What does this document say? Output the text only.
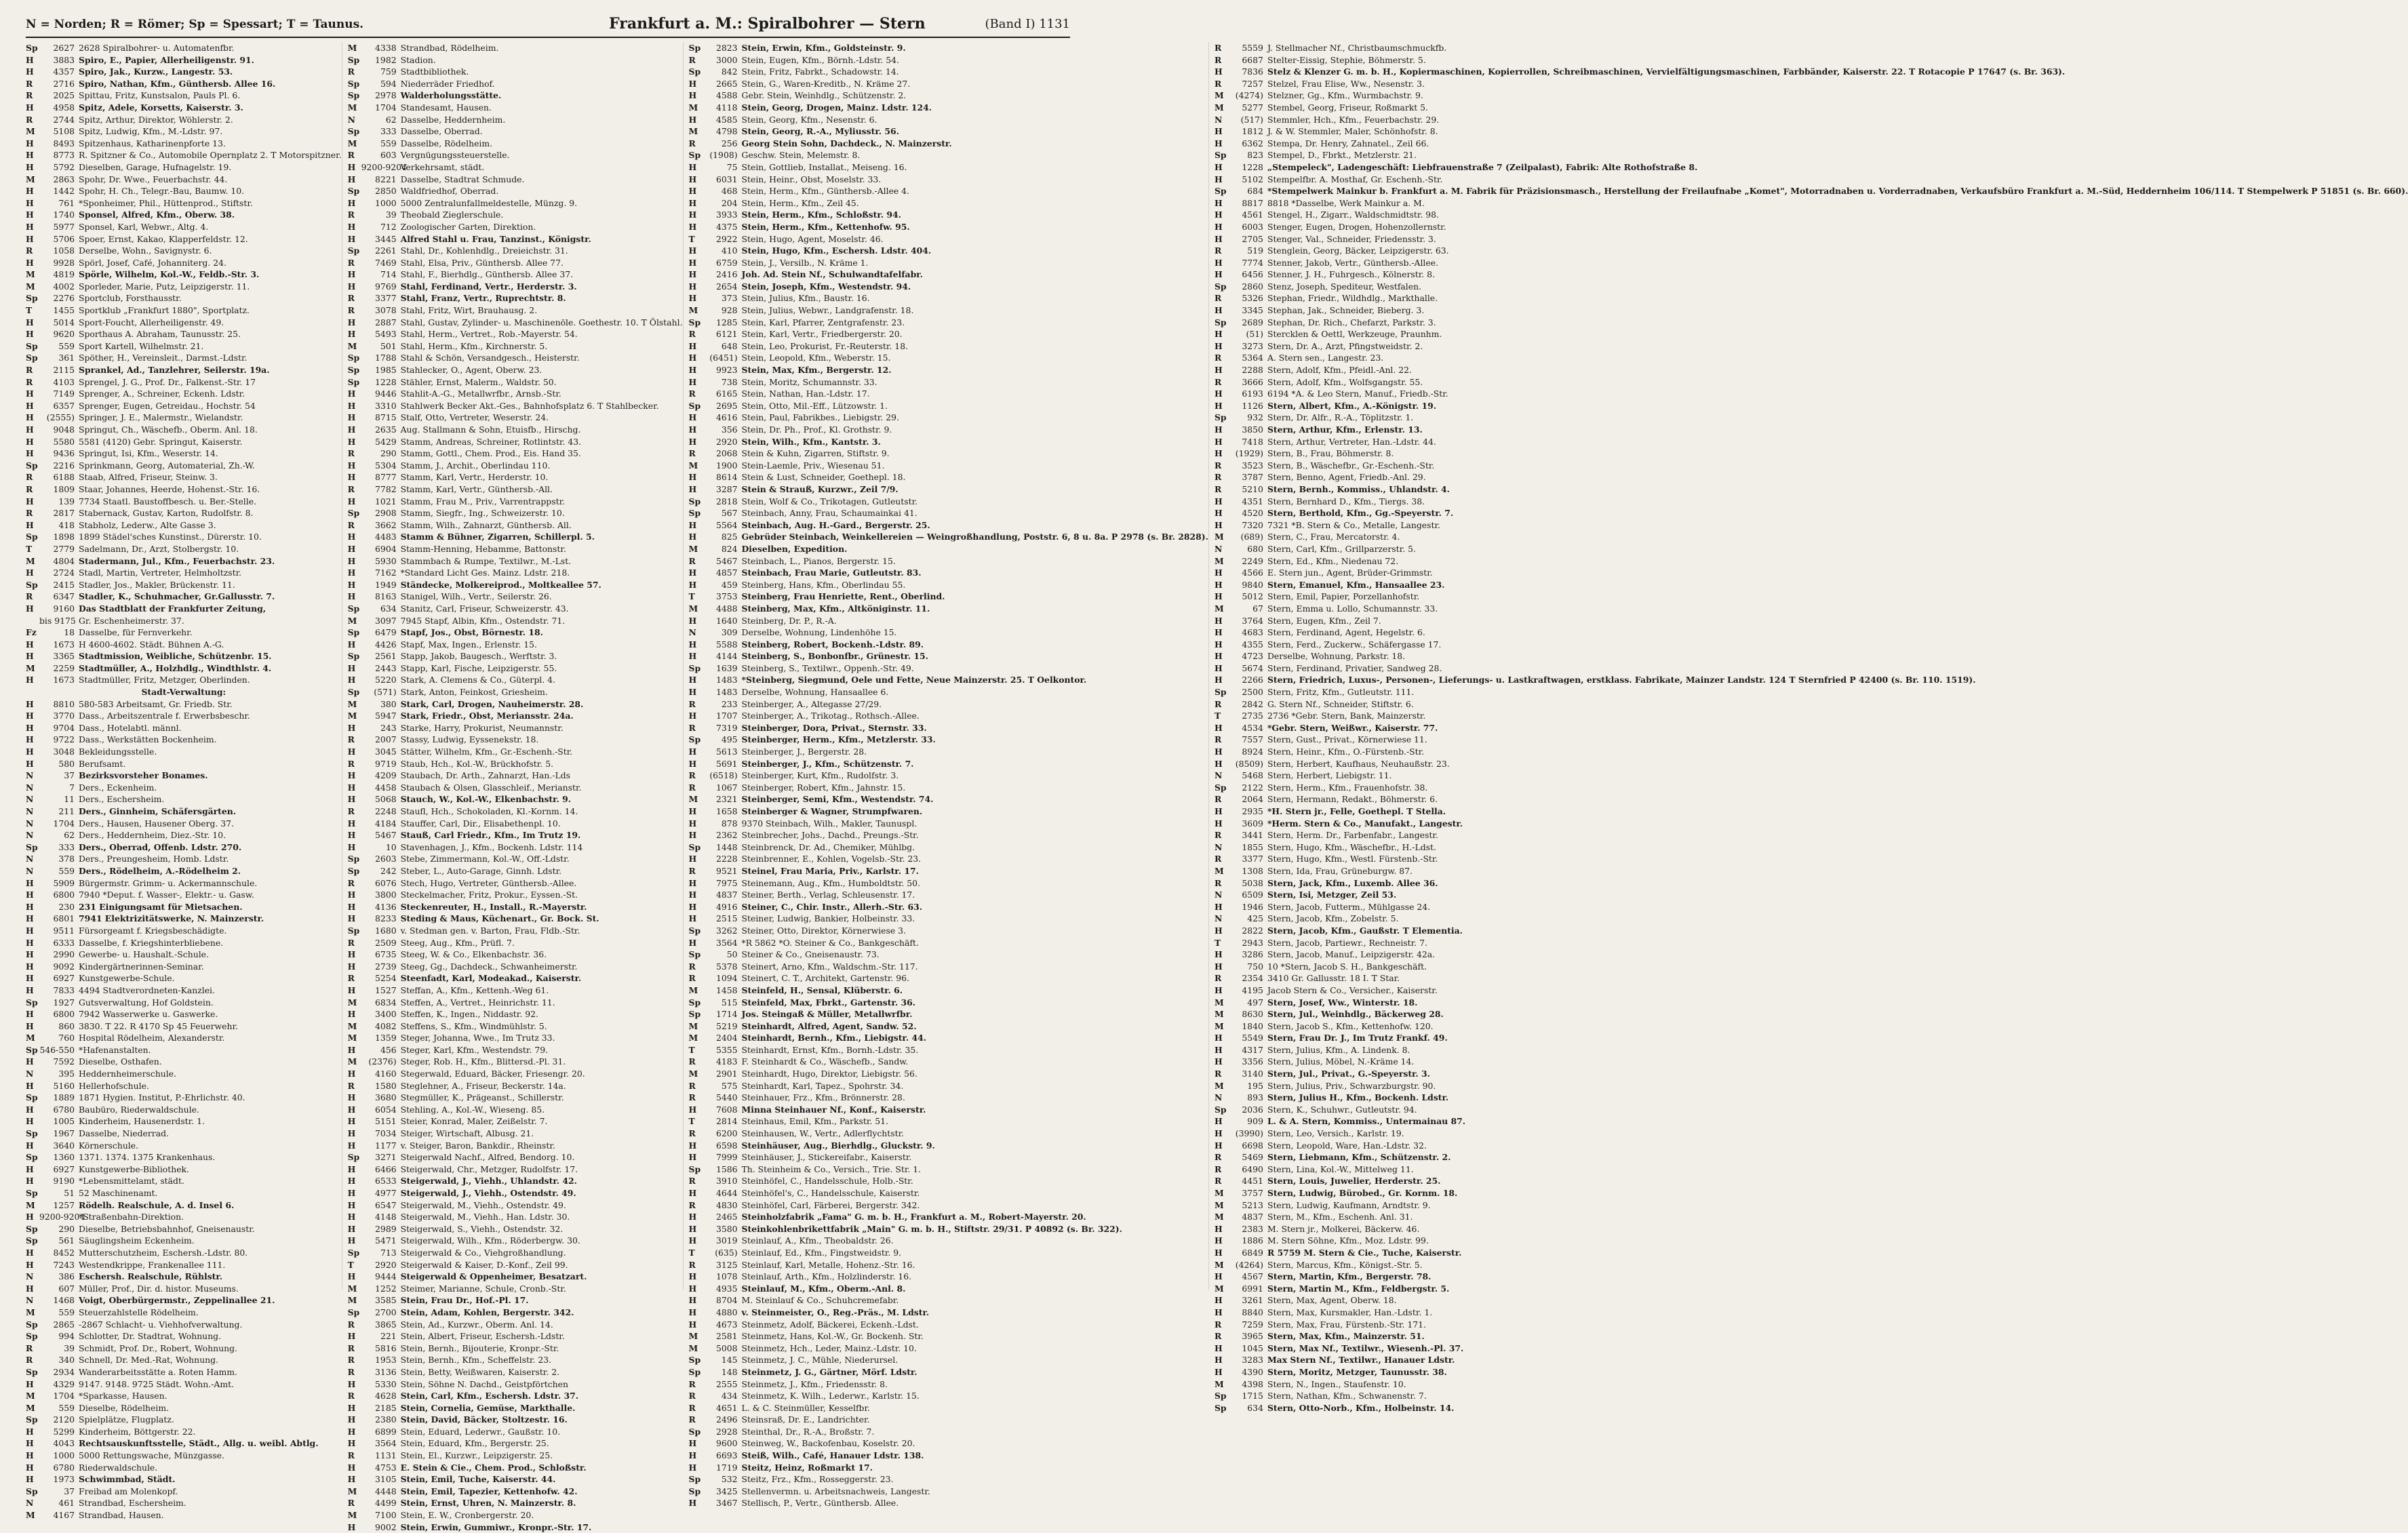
N = Norden; R = Römer; Sp = Spessart; T = Taunus.	Frankfurt a. M.: Spiralbohrer — Stern	(Band I) 1131
Sp	2627 2628 Spiralbohrer- u. Automatenfbr.
H	3883 Spiro, E., Papier, Allerheiligenstr. 91.
H	4357 Spiro, Jak., Kurzw., Langestr. 53.
R	2716 Spiro, Nathan, Kfm., Günthersb. Allee 16.
R	2025 Spittau, Fritz, Kunstsalon, Pauls Pl. 6.
H	4958 Spitz, Adele, Korsetts, Kaiserstr. 3.
R	2744 Spitz, Arthur, Direktor, Wöhlerstr. 2.
M	5108 Spitz, Ludwig, Kfm., M.-Ldstr. 97.
H	8493 Spitzenhaus, Katharinenpforte 13.
H	8773 R. Spitzner & Co., Automobile Opernplatz 2. T Motorspitzner.
H	5792 Dieselben, Garage, Hufnagelstr. 19.
M	2863 Spohr, Dr. Wwe., Feuerbachstr. 44.
H	1442 Spohr, H. Ch., Telegr.-Bau, Baumw. 10.
H	761 *Sponheimer, Phil., Hüttenprod., Stiftstr.
H	1740 Sponsel, Alfred, Kfm., Oberw. 38.
H	5977 Sponsel, Karl, Webwr., Altg. 4.
H	5706 Spoer, Ernst, Kakao, Klapperfeldstr. 12.
R	1058 Derselbe, Wohn., Savignystr. 6.
H	9928 Spörl, Josef, Café, Johanniterg. 24.
M	4819 Spörle, Wilhelm, Kol.-W., Feldb.-Str. 3.
M	4002 Sporleder, Marie, Putz, Leipzigerstr. 11.
Sp	2276 Sportclub, Forsthausstr.
T	1455 Sportklub „Frankfurt 1880", Sportplatz.
H	5014 Sport-Foucht, Allerheiligenstr. 49.
H	9620 Sporthaus A. Abraham, Taunusstr. 25.
Sp	559 Sport Kartell, Wilhelmstr. 21.
Sp	361 Spöther, H., Vereinsleit., Darmst.-Ldstr.
R	2115 Sprankel, Ad., Tanzlehrer, Seilerstr. 19a.
R	4103 Sprengel, J. G., Prof. Dr., Falkenst.-Str. 17
H	7149 Sprenger, A., Schreiner, Eckenh. Ldstr.
H	6357 Sprenger, Eugen, Getreidau., Hochstr. 54
H	(2555) Springer, J. E., Malermstr., Wielandstr.
H	9048 Springut, Ch., Wäschefb., Oberm. Anl. 18.
H	5580 5581 (4120) Gebr. Springut, Kaiserstr.
H	9436 Springut, Isi, Kfm., Weserstr. 14.
Sp	2216 Sprinkmann, Georg, Automaterial, Zh.-W.
R	6188 Staab, Alfred, Friseur, Steinw. 3.
R	1809 Staar, Johannes, Heerde, Hohenst.-Str. 16.
H	139 7734 Staatl. Baustoffbesch. u. Ber.-Stelle.
R	2817 Stabernack, Gustav, Karton, Rudolfstr. 8.
H	418 Stabholz, Lederw., Alte Gasse 3.
Sp	1898 1899 Städel'sches Kunstinst., Dürerstr. 10.
T	2779 Sadelmann, Dr., Arzt, Stolbergstr. 10.
M	4804 Stadermann, Jul., Kfm., Feuerbachstr. 23.
H	2724 Stadl, Martin, Vertreter, Helmholtzstr.
Sp	2415 Stadler, Jos., Makler, Brückenstr. 11.
R	6347 Stadler, K., Schuhmacher, Gr.Gallusstr. 7.
H	9160 Das Stadtblatt der Frankfurter Zeitung,
bis 9175 Gr. Eschenheimerstr. 37.
Fz	18 Dasselbe, für Fernverkehr.
H	1673 H 4600-4602. Städt. Bühnen A.-G.
H	3365 Stadtmission, Weibliche, Schützenbr. 15.
M	2259 Stadtmüller, A., Holzhdlg., Windthlstr. 4.
H	1673 Stadtmüller, Fritz, Metzger, Oberlinden.
Stadt-Verwaltung:
H	8810 580-583 Arbeitsamt, Gr. Friedb. Str.
H	3770 Dass., Arbeitszentrale f. Erwerbsbeschr.
H	9704 Dass., Hotelabtl. männl.
H	9722 Dass., Werkstätten Bockenheim.
H	3048 Bekleidungsstelle.
H	580 Berufsamt.
N	37 Bezirksvorsteher Bonames.
N	7 Ders., Eckenheim.
N	11 Ders., Eschersheim.
N	211 Ders., Ginnheim, Schäfersgärten.
N	1704 Ders., Hausen, Hausener Oberg. 37.
N	62 Ders., Heddernheim, Diez.-Str. 10.
Sp	333 Ders., Oberrad, Offenb. Ldstr. 270.
N	378 Ders., Preungesheim, Homb. Ldstr.
N	559 Ders., Rödelheim, A.-Rödelheim 2.
H	5909 Bürgermstr. Grimm- u. Ackermannschule.
H	6800 7940 *Deput. f. Wasser-, Elektr.- u. Gasw.
H	230 231 Einigungsamt für Mietsachen.
H	6801 7941 Elektrizitätswerke, N. Mainzerstr.
H	9511 Fürsorgeamt f. Kriegsbeschädigte.
H	6333 Dasselbe, f. Kriegshinterbliebene.
H	2990 Gewerbe- u. Haushalt.-Schule.
H	9092 Kindergärtnerinnen-Seminar.
H	6927 Kunstgewerbe-Schule.
H	7833 4494 Stadtverordneten-Kanzlei.
Sp	1927 Gutsverwaltung, Hof Goldstein.
H	6800 7942 Wasserwerke u. Gaswerke.
H	860 3830. T 22. R 4170 Sp 45 Feuerwehr.
M	760 Hospital Rödelheim, Alexanderstr.
Sp 546-550 *Hafenanstalten.
H	7592 Dieselbe, Osthafen.
N	395 Heddernheimerschule.
H	5160 Hellerhofschule.
Sp	1889 1871 Hygien. Institut, P.-Ehrlichstr. 40.
H	6780 Baubüro, Riederwaldschule.
H	1005 Kinderheim, Hausenerdstr. 1.
Sp	1967 Dasselbe, Niederrad.
H	3640 Körnerschule.
Sp	1360 1371. 1374. 1375 Krankenhaus.
H	6927 Kunstgewerbe-Bibliothek.
H	9190 *Lebensmittelamt, städt.
Sp	51 52 Maschinenamt.
M	1257 Rödelh. Realschule, A. d. Insel 6.
H 9200-9204
*Straßenbahn-Direktion.
Sp	290 Dieselbe, Betriebsbahnhof, Gneisenaustr.
Sp	561 Säuglingsheim Eckenheim.
H	8452 Mutterschutzheim, Eschersh.-Ldstr. 80.
H	7243 Westendkrippe, Frankenallee 111.
N	386 Eschersh. Realschule, Rühlstr.
H	607 Müller, Prof., Dir. d. histor. Museums.
N	1468 Voigt, Oberbürgermstr., Zeppelinallee 21.
M	559 Steuerzahlstelle Rödelheim.
Sp	2865 -2867 Schlacht- u. Viehhofverwaltung.
Sp	994 Schlotter, Dr. Stadtrat, Wohnung.
R	39 Schmidt, Prof. Dr., Robert, Wohnung.
R	340 Schnell, Dr. Med.-Rat, Wohnung.
Sp	2934 Wanderarbeitsstätte a. Roten Hamm.
H	4329 9147. 9148. 9725 Städt. Wohn.-Amt.
M	1704 *Sparkasse, Hausen.
M	559 Dieselbe, Rödelheim.
Sp	2120 Spielplätze, Flugplatz.
H	5299 Kinderheim, Böttgerstr. 22.
H	4043 Rechtsauskunftsstelle, Städt., Allg. u. weibl. Abtlg.
H	1000 5000 Rettungswache, Münzgasse.
H	6780 Riederwaldschule.
H	1973 Schwimmbad, Städt.
Sp	37 Freibad am Molenkopf.
N	461 Strandbad, Eschersheim.
M	4167 Strandbad, Hausen.
M	4338 Strandbad, Rödelheim.
Sp	1982 Stadion.
R	759 Stadtbibliothek.
Sp	594 Niederräder Friedhof.
Sp	2978 Walderholungsstätte.
M	1704 Standesamt, Hausen.
N	62 Dasselbe, Heddernheim.
Sp	333 Dasselbe, Oberrad.
M	559 Dasselbe, Rödelheim.
R	603 Vergnügungssteuerstelle.
H 9200-9204
Verkehrsamt, städt.
H	8221 Dasselbe, Stadtrat Schmude.
Sp	2850 Waldfriedhof, Oberrad.
H	1000 5000 Zentralunfallmeldestelle, Münzg. 9.
R	39 Theobald Zieglerschule.
H	712 Zoologischer Garten, Direktion.
H	3445 Alfred Stahl u. Frau, Tanzinst., Königstr.
Sp	2261 Stahl, Dr., Kohlenhdlg., Dreieichstr. 31.
R	7469 Stahl, Elsa, Priv., Günthersb. Allee 77.
H	714 Stahl, F., Bierhdlg., Günthersb. Allee 37.
H	9769 Stahl, Ferdinand, Vertr., Herderstr. 3.
R	3377 Stahl, Franz, Vertr., Ruprechtstr. 8.
R	3078 Stahl, Fritz, Wirt, Brauhausg. 2.
H	2887 Stahl, Gustav, Zylinder- u. Maschinenöle. Goethestr. 10. T Ölstahl.
H	5493 Stahl, Herm., Vertret., Rob.-Mayerstr. 54.
M	501 Stahl, Herm., Kfm., Kirchnerstr. 5.
Sp	1788 Stahl & Schön, Versandgesch., Heisterstr.
Sp	1985 Stahlecker, O., Agent, Oberw. 23.
Sp	1228 Stähler, Ernst, Malerm., Waldstr. 50.
H	9446 Stahlit-A.-G., Metallwrfbr., Arnsb.-Str.
H	3310 Stahlwerk Becker Akt.-Ges., Bahnhofsplatz 6. T Stahlbecker.
H	8715 Stalf, Otto, Vertreter, Weserstr. 24.
H	2635 Aug. Stallmann & Sohn, Etuisfb., Hirschg.
H	5429 Stamm, Andreas, Schreiner, Rotlintstr. 43.
R	290 Stamm, Gottl., Chem. Prod., Eis. Hand 35.
H	5304 Stamm, J., Archit., Oberlindau 110.
H	8777 Stamm, Karl, Vertr., Herderstr. 10.
R	7782 Stamm, Karl, Vertr., Günthersb.-All.
H	1021 Stamm, Frau M., Priv., Varrentrappstr.
Sp	2908 Stamm, Siegfr., Ing., Schweizerstr. 10.
R	3662 Stamm, Wilh., Zahnarzt, Günthersb. All.
H	4483 Stamm & Bühner, Zigarren, Schillerpl. 5.
H	6904 Stamm-Henning, Hebamme, Battonstr.
H	5930 Stammbach & Rumpe, Textilwr., M.-Lst.
H	7162 *Standard Licht Ges. Mainz. Ldstr. 218.
H	1949 Ständecke, Molkereiprod., Moltkeallee 57.
H	8163 Stanigel, Wilh., Vertr., Seilerstr. 26.
Sp	634 Stanitz, Carl, Friseur, Schweizerstr. 43.
M	3097 7945 Stapf, Albin, Kfm., Ostendstr. 71.
Sp	6479 Stapf, Jos., Obst, Börnestr. 18.
H	4426 Stapf, Max, Ingen., Erlenstr. 15.
Sp	2561 Stapp, Jakob, Baugesch., Werftstr. 3.
H	2443 Stapp, Karl, Fische, Leipzigerstr. 55.
H	5220 Stark, A. Clemens & Co., Güterpl. 4.
Sp	(571) Stark, Anton, Feinkost, Griesheim.
M	380 Stark, Carl, Drogen, Nauheimerstr. 28.
M	5947 Stark, Friedr., Obst, Meriansstr. 24a.
H	243 Starke, Harry, Prokurist, Neumannstr.
R	2007 Stassy, Ludwig, Eyssenekstr. 18.
H	3045 Stätter, Wilhelm, Kfm., Gr.-Eschenh.-Str.
R	9719 Staub, Hch., Kol.-W., Brückhofstr. 5.
H	4209 Staubach, Dr. Arth., Zahnarzt, Han.-Lds
H	4458 Staubach & Olsen, Glasschleif., Merianstr.
H	5068 Stauch, W., Kol.-W., Elkenbachstr. 9.
R	2248 Staufl, Hch., Schokoladen, Kl.-Kornm. 14.
H	4184 Stauffer, Carl, Dir., Elisabethenpl. 10.
H	5467 Stauß, Carl Friedr., Kfm., Im Trutz 19.
H	10 Stavenhagen, J., Kfm., Bockenh. Ldstr. 114
Sp	2603 Stebe, Zimmermann, Kol.-W., Off.-Ldstr.
Sp	242 Steber, L., Auto-Garage, Ginnh. Ldstr.
R	6076 Stech, Hugo, Vertreter, Günthersb.-Allee.
H	3800 Steckelmacher, Fritz, Prokur., Eyssen.-St.
H	4136 Steckenreuter, H., Install., R.-Mayerstr.
H	8233 Steding & Maus, Küchenart., Gr. Bock. St.
Sp	1680 v. Stedman gen. v. Barton, Frau, Fldb.-Str.
R	2509 Steeg, Aug., Kfm., Prüfl. 7.
H	6735 Steeg, W. & Co., Elkenbachstr. 36.
H	2739 Steeg, Gg., Dachdeck., Schwanheimerstr.
R	5254 Steenfadt, Karl, Modeakad., Kaiserstr.
H	1527 Steffan, A., Kfm., Kettenh.-Weg 61.
M	6834 Steffen, A., Vertret., Heinrichstr. 11.
H	3400 Steffen, K., Ingen., Niddastr. 92.
M	4082 Steffens, S., Kfm., Windmühlstr. 5.
M	1359 Steger, Johanna, Wwe., Im Trutz 33.
H	456 Steger, Karl, Kfm., Westendstr. 79.
M	(2376) Steger, Rob. H., Kfm., Blittersd.-Pl. 31.
H	4160 Stegerwald, Eduard, Bäcker, Friesengr. 20.
R	1580 Steglehner, A., Friseur, Beckerstr. 14a.
H	3680 Stegmüller, K., Prägeanst., Schillerstr.
H	6054 Stehling, A., Kol.-W., Wieseng. 85.
H	5151 Steier, Konrad, Maler, Zeißelstr. 7.
H	7034 Steiger, Wirtschaft, Albusg. 21.
H	1177 v. Steiger, Baron, Bankdir., Rheinstr.
Sp	3271 Steigerwald Nachf., Alfred, Bendorg. 10.
H	6466 Steigerwald, Chr., Metzger, Rudolfstr. 17.
H	6533 Steigerwald, J., Viehh., Uhlandstr. 42.
H	4977 Steigerwald, J., Viehh., Ostendstr. 49.
H	6547 Steigerwald, M., Viehh., Ostendstr. 49.
H	4148 Steigerwald, M., Viehh., Han. Ldstr. 30.
H	2989 Steigerwald, S., Viehh., Ostendstr. 32.
H	5471 Steigerwald, Wilh., Kfm., Röderbergw. 30.
Sp	713 Steigerwald & Co., Viehgroßhandlung.
T	2920 Steigerwald & Kaiser, D.-Konf., Zeil 99.
H	9444 Steigerwald & Oppenheimer, Besatzart.
M	1252 Steimer, Marianne, Schule, Cronb.-Str.
M	3585 Stein, Frau Dr., Hof.-Pl. 17.
Sp	2700 Stein, Adam, Kohlen, Bergerstr. 342.
R	3865 Stein, Ad., Kurzwr., Oberm. Anl. 14.
H	221 Stein, Albert, Friseur, Eschersh.-Ldstr.
R	5816 Stein, Bernh., Bijouterie, Kronpr.-Str.
R	1953 Stein, Bernh., Kfm., Scheffelstr. 23.
R	3136 Stein, Betty, Weißwaren, Kaiserstr. 2.
H	5330 Stein, Söhne N. Dachd., Geistpförtchen
R	4628 Stein, Carl, Kfm., Eschersh. Ldstr. 37.
H	2185 Stein, Cornelia, Gemüse, Markthalle.
H	2380 Stein, David, Bäcker, Stoltzestr. 16.
H	6899 Stein, Eduard, Lederwr., Gaußstr. 10.
H	3564 Stein, Eduard, Kfm., Bergerstr. 25.
R	1131 Stein, El., Kurzwr., Leipzigerstr. 25.
H	4753 E. Stein & Cie., Chem. Prod., Schloßstr.
H	3105 Stein, Emil, Tuche, Kaiserstr. 44.
M	4448 Stein, Emil, Tapezier, Kettenhofw. 42.
R	4499 Stein, Ernst, Uhren, N. Mainzerstr. 8.
M	7100 Stein, E. W., Cronbergerstr. 20.
H	9002 Stein, Erwin, Gummiwr., Kronpr.-Str. 17.
Sp	2823 Stein, Erwin, Kfm., Goldsteinstr. 9.
R	3000 Stein, Eugen, Kfm., Börnh.-Ldstr. 54.
Sp	842 Stein, Fritz, Fabrkt., Schadowstr. 14.
H	2665 Stein, G., Waren-Kreditb., N. Kräme 27.
H	4588 Gebr. Stein, Weinhdlg., Schützenstr. 2.
M	4118 Stein, Georg, Drogen, Mainz. Ldstr. 124.
H	4585 Stein, Georg, Kfm., Nesenstr. 6.
M	4798 Stein, Georg, R.-A., Myliusstr. 56.
R	256 Georg Stein Sohn, Dachdeck., N. Mainzerstr.
Sp	(1908) Geschw. Stein, Melemstr. 8.
H	75 Stein, Gottlieb, Installat., Meiseng. 16.
H	6031 Stein, Heinr., Obst, Moselstr. 33.
H	468 Stein, Herm., Kfm., Günthersb.-Allee 4.
H	204 Stein, Herm., Kfm., Zeil 45.
H	3933 Stein, Herm., Kfm., Schloßstr. 94.
H	4375 Stein, Herm., Kfm., Kettenhofw. 95.
T	2922 Stein, Hugo, Agent, Moselstr. 46.
H	410 Stein, Hugo, Kfm., Eschersh. Ldstr. 404.
H	6759 Stein, J., Versilb., N. Kräme 1.
H	2416 Joh. Ad. Stein Nf., Schulwandtafelfabr.
H	2654 Stein, Joseph, Kfm., Westendstr. 94.
H	373 Stein, Julius, Kfm., Baustr. 16.
M	928 Stein, Julius, Webwr., Landgrafenstr. 18.
Sp	1285 Stein, Karl, Pfarrer, Zentgrafenstr. 23.
R	6121 Stein, Karl, Vertr., Friedbergerstr. 20.
H	648 Stein, Leo, Prokurist, Fr.-Reuterstr. 18.
H	(6451) Stein, Leopold, Kfm., Weberstr. 15.
H	9923 Stein, Max, Kfm., Bergerstr. 12.
H	738 Stein, Moritz, Schumannstr. 33.
R	6165 Stein, Nathan, Han.-Ldstr. 17.
Sp	2695 Stein, Otto, Mil.-Eff., Lützowstr. 1.
H	4616 Stein, Paul, Fabrikbes., Liebigstr. 29.
H	356 Stein, Dr. Ph., Prof., Kl. Grothstr. 9.
H	2920 Stein, Wilh., Kfm., Kantstr. 3.
R	2068 Stein & Kuhn, Zigarren, Stiftstr. 9.
M	1900 Stein-Laemle, Priv., Wiesenau 51.
H	8614 Stein & Lust, Schneider, Goethepl. 18.
H	3287 Stein & Strauß, Kurzwr., Zeil 7/9.
Sp	2818 Stein, Wolf & Co., Trikotagen, Gutleutstr.
Sp	567 Steinbach, Anny, Frau, Schaumainkai 41.
H	5564 Steinbach, Aug. H.-Gard., Bergerstr. 25.
H	825 Gebrüder Steinbach, Weinkellereien — Weingroßhandlung, Poststr. 6, 8 u. 8a. P 2978 (s. Br. 2828).
M	824 Dieselben, Expedition.
R	5467 Steinbach, L., Pianos, Bergerstr. 15.
H	4857 Steinbach, Frau Marie, Gutleutstr. 83.
H	459 Steinberg, Hans, Kfm., Oberlindau 55.
T	3753 Steinberg, Frau Henriette, Rent., Oberlind.
M	4488 Steinberg, Max, Kfm., Altköniginstr. 11.
H	1640 Steinberg, Dr. P., R.-A.
N	309 Derselbe, Wohnung, Lindenhöhe 15.
H	5588 Steinberg, Robert, Bockenh.-Ldstr. 89.
H	4144 Steinberg, S., Bonbonfbr., Grünestr. 15.
Sp	1639 Steinberg, S., Textilwr., Oppenh.-Str. 49.
H	1483 *Steinberg, Siegmund, Oele und Fette, Neue Mainzerstr. 25. T Oelkontor.
H	1483 Derselbe, Wohnung, Hansaallee 6.
R	233 Steinberger, A., Altegasse 27/29.
H	1707 Steinberger, A., Trikotag., Rothsch.-Allee.
R	7319 Steinberger, Dora, Privat., Sternstr. 33.
Sp	495 Steinberger, Herm., Kfm., Metzlerstr. 33.
H	5613 Steinberger, J., Bergerstr. 28.
H	5691 Steinberger, J., Kfm., Schützenstr. 7.
R	(6518) Steinberger, Kurt, Kfm., Rudolfstr. 3.
R	1067 Steinberger, Robert, Kfm., Jahnstr. 15.
M	2321 Steinberger, Semi, Kfm., Westendstr. 74.
H	1658 Steinberger & Wagner, Strumpfwaren.
H	878 9370 Steinbach, Wilh., Makler, Taunuspl.
H	2362 Steinbrecher, Johs., Dachd., Preungs.-Str.
Sp	1448 Steinbrenck, Dr. Ad., Chemiker, Mühlbg.
H	2228 Steinbrenner, E., Kohlen, Vogelsb.-Str. 23.
R	9521 Steinel, Frau Maria, Priv., Karlstr. 17.
H	7975 Steinemann, Aug., Kfm., Humboldtstr. 50.
H	4837 Steiner, Berth., Verlag, Schleusenstr. 17.
H	4916 Steiner, C., Chir. Instr., Allerh.-Str. 63.
H	2515 Steiner, Ludwig, Bankier, Holbeinstr. 33.
Sp	3262 Steiner, Otto, Direktor, Körnerwiese 3.
H	3564 *R 5862 *O. Steiner & Co., Bankgeschäft.
Sp	50 Steiner & Co., Gneisenaustr. 73.
R	5378 Steinert, Arno, Kfm., Waldschm.-Str. 117.
R	1094 Steinert, C. T., Architekt, Gartenstr. 96.
M	1458 Steinfeld, H., Sensal, Klüberstr. 6.
Sp	515 Steinfeld, Max, Fbrkt., Gartenstr. 36.
Sp	1714 Jos. Steingaß & Müller, Metallwrfbr.
M	5219 Steinhardt, Alfred, Agent, Sandw. 52.
M	2404 Steinhardt, Bernh., Kfm., Liebigstr. 44.
T	5355 Steinhardt, Ernst, Kfm., Bornh.-Ldstr. 35.
R	4183 F. Steinhardt & Co., Wäschefb., Sandw.
M	2901 Steinhardt, Hugo, Direktor, Liebigstr. 56.
R	575 Steinhardt, Karl, Tapez., Spohrstr. 34.
R	5440 Steinhauer, Frz., Kfm., Brönnerstr. 28.
H	7608 Minna Steinhauer Nf., Konf., Kaiserstr.
T	2814 Steinhaus, Emil, Kfm., Parkstr. 51.
R	6200 Steinhausen, W., Vertr., Adlerflychtstr.
H	6598 Steinhäuser, Aug., Bierhdlg., Gluckstr. 9.
H	7999 Steinhäuser, J., Stickereifabr., Kaiserstr.
Sp	1586 Th. Steinheim & Co., Versich., Trie. Str. 1.
R	3910 Steinhöfel, C., Handelsschule, Holb.-Str.
H	4644 Steinhöfel's, C., Handelsschule, Kaiserstr.
R	4830 Steinhöfel, Carl, Färberei, Bergerstr. 342.
H	2465 Steinholzfabrik „Fama" G. m. b. H., Frankfurt a. M., Robert-Mayerstr. 20.
H	3580 Steinkohlenbrikettfabrik „Main" G. m. b. H., Stiftstr. 29/31. P 40892 (s. Br. 322).
H	3019 Steinlauf, A., Kfm., Theobaldstr. 26.
T	(635) Steinlauf, Ed., Kfm., Fingstweidstr. 9.
R	3125 Steinlauf, Karl, Metalle, Hohenz.-Str. 16.
H	1078 Steinlauf, Arth., Kfm., Holzlinderstr. 16.
H	4935 Steinlauf, M., Kfm., Oberm.-Anl. 8.
H	8704 M. Steinlauf & Co., Schuhcremefabr.
H	4880 v. Steinmeister, O., Reg.-Präs., M. Ldstr.
H	4673 Steinmetz, Adolf, Bäckerei, Eckenh.-Ldst.
M	2581 Steinmetz, Hans, Kol.-W., Gr. Bockenh. Str.
M	5008 Steinmetz, Hch., Leder, Mainz.-Ldstr. 10.
Sp	145 Steinmetz, J. C., Mühle, Niederursel.
Sp	148 Steinmetz, J. G., Gärtner, Mörf. Ldstr.
R	2555 Steinmetz, J., Kfm., Friedensstr. 8.
R	434 Steinmetz, K. Wilh., Lederwr., Karlstr. 15.
R	4651 L. & C. Steinmüller, Kesselfbr.
R	2496 Steinsraß, Dr. E., Landrichter.
Sp	2928 Steinthal, Dr., R.-A., Broßstr. 7.
H	9600 Steinweg, W., Backofenbau, Koselstr. 20.
H	6693 Steiß, Wilh., Café, Hanauer Ldstr. 138.
H	1719 Steitz, Heinz, Roßmarkt 17.
Sp	532 Steitz, Frz., Kfm., Rosseggerstr. 23.
Sp	3425 Stellenvermn. u. Arbeitsnachweis, Langestr.
H	3467 Stellisch, P., Vertr., Günthersb. Allee.
R	5559 J. Stellmacher Nf., Christbaumschmuckfb.
R	6687 Stelter-Eissig, Stephie, Böhmerstr. 5.
H	7836 Stelz & Klenzer G. m. b. H., Kopiermaschinen, Kopierrollen, Schreibmaschinen, Vervielfältigungsmaschinen, Farbbänder, Kaiserstr. 22. T Rotacopie P 17647 (s. Br. 363).
R	7257 Stelzel, Frau Elise, Ww., Nesenstr. 3.
M	(4274) Stelzner, Gg., Kfm., Wurmbachstr. 9.
M	5277 Stembel, Georg, Friseur, Roßmarkt 5.
N	(517) Stemmler, Hch., Kfm., Feuerbachstr. 29.
H	1812 J. & W. Stemmler, Maler, Schönhofstr. 8.
H	6362 Stempa, Dr. Henry, Zahnatel., Zeil 66.
Sp	823 Stempel, D., Fbrkt., Metzlerstr. 21.
H	1228 „Stempeleck", Ladengeschäft: Liebfrauenstraße 7 (Zeilpalast), Fabrik: Alte Rothofstraße 8.
H	5102 Stempelfbr. A. Mosthaf, Gr. Eschenh.-Str.
Sp	684 *Stempelwerk Mainkur b. Frankfurt a. M. Fabrik für Präzisionsmasch., Herstellung der Freilaufnabe „Komet", Motorradnaben u. Vorderradnaben, Verkaufsbüro Frankfurt a. M.-Süd, Heddernheim 106/114. T Stempelwerk P 51851 (s. Br. 660).
H	8817 8818 *Dasselbe, Werk Mainkur a. M.
H	4561 Stengel, H., Zigarr., Waldschmidtstr. 98.
H	6003 Stenger, Eugen, Drogen, Hohenzollernstr.
H	2705 Stenger, Val., Schneider, Friedensstr. 3.
R	519 Stenglein, Georg, Bäcker, Leipzigerstr. 63.
H	7774 Stenner, Jakob, Vertr., Günthersb.-Allee.
H	6456 Stenner, J. H., Fuhrgesch., Kölnerstr. 8.
Sp	2860 Stenz, Joseph, Spediteur, Westfalen.
R	5326 Stephan, Friedr., Wildhdlg., Markthalle.
H	3345 Stephan, Jak., Schneider, Bieberg. 3.
Sp	2689 Stephan, Dr. Rich., Chefarzt, Parkstr. 3.
H	(51) Stercklen & Oettl, Werkzeuge, Praunhm.
H	3273 Stern, Dr. A., Arzt, Pfingstweidstr. 2.
R	5364 A. Stern sen., Langestr. 23.
H	2288 Stern, Adolf, Kfm., Pfeidl.-Anl. 22.
R	3666 Stern, Adolf, Kfm., Wolfsgangstr. 55.
H	6193 6194 *A. & Leo Stern, Manuf., Friedb.-Str.
H	1126 Stern, Albert, Kfm., A.-Königstr. 19.
Sp	932 Stern, Dr. Alfr., R.-A., Töplitzstr. 1.
H	3850 Stern, Arthur, Kfm., Erlenstr. 13.
H	7418 Stern, Arthur, Vertreter, Han.-Ldstr. 44.
H	(1929) Stern, B., Frau, Böhmerstr. 8.
R	3523 Stern, B., Wäschefbr., Gr.-Eschenh.-Str.
R	3787 Stern, Benno, Agent, Friedb.-Anl. 29.
R	5210 Stern, Bernh., Kommiss., Uhlandstr. 4.
H	4351 Stern, Bernhard D., Kfm., Tiergs. 38.
H	4520 Stern, Berthold, Kfm., Gg.-Speyerstr. 7.
H	7320 7321 *B. Stern & Co., Metalle, Langestr.
M	(689) Stern, C., Frau, Mercatorstr. 4.
N	680 Stern, Carl, Kfm., Grillparzerstr. 5.
M	2249 Stern, Ed., Kfm., Niedenau 72.
H	4566 E. Stern jun., Agent, Brüder-Grimmstr.
H	9840 Stern, Emanuel, Kfm., Hansaallee 23.
H	5012 Stern, Emil, Papier, Porzellanhofstr.
M	67 Stern, Emma u. Lollo, Schumannstr. 33.
H	3764 Stern, Eugen, Kfm., Zeil 7.
H	4683 Stern, Ferdinand, Agent, Hegelstr. 6.
H	4355 Stern, Ferd., Zuckerw., Schäfergasse 17.
H	4723 Derselbe, Wohnung, Parkstr. 18.
H	5674 Stern, Ferdinand, Privatier, Sandweg 28.
H	2266 Stern, Friedrich, Luxus-, Personen-, Lieferungs- u. Lastkraftwagen, erstklass. Fabrikate, Mainzer Landstr. 124 T Sternfried P 42400 (s. Br. 110. 1519).
Sp	2500 Stern, Fritz, Kfm., Gutleutstr. 111.
R	2842 G. Stern Nf., Schneider, Stiftstr. 6.
T	2735 2736 *Gebr. Stern, Bank, Mainzerstr.
H	4534 *Gebr. Stern, Weißwr., Kaiserstr. 77.
R	7557 Stern, Gust., Privat., Körnerwiese 11.
H	8924 Stern, Heinr., Kfm., O.-Fürstenb.-Str.
H	(8509) Stern, Herbert, Kaufhaus, Neuhaußstr. 23.
N	5468 Stern, Herbert, Liebigstr. 11.
Sp	2122 Stern, Herm., Kfm., Frauenhofstr. 38.
R	2064 Stern, Hermann, Redakt., Böhmerstr. 6.
H	2935 *H. Stern jr., Felle, Goethepl. T Stella.
H	3609 *Herm. Stern & Co., Manufakt., Langestr.
R	3441 Stern, Herm. Dr., Farbenfabr., Langestr.
N	1855 Stern, Hugo, Kfm., Wäschefbr., H.-Ldst.
R	3377 Stern, Hugo, Kfm., Westl. Fürstenb.-Str.
M	1308 Stern, Ida, Frau, Grüneburgw. 87.
R	5038 Stern, Jack, Kfm., Luxemb. Allee 36.
N	6509 Stern, Isi, Metzger, Zeil 53.
H	1946 Stern, Jacob, Futterm., Mühlgasse 24.
N	425 Stern, Jacob, Kfm., Zobelstr. 5.
H	2822 Stern, Jacob, Kfm., Gaußstr. T Elementia.
T	2943 Stern, Jacob, Partiewr., Rechneistr. 7.
H	3286 Stern, Jacob, Manuf., Leipzigerstr. 42a.
H	750 10 *Stern, Jacob S. H., Bankgeschäft.
R	2354 3410 Gr. Gallusstr. 18 I. T Star.
H	4195 Jacob Stern & Co., Versicher., Kaiserstr.
M	497 Stern, Josef, Ww., Winterstr. 18.
M	8630 Stern, Jul., Weinhdlg., Bäckerweg 28.
M	1840 Stern, Jacob S., Kfm., Kettenhofw. 120.
H	5549 Stern, Frau Dr. J., Im Trutz Frankf. 49.
H	4317 Stern, Julius, Kfm., A. Lindenk. 8.
H	3356 Stern, Julius, Möbel, N.-Kräme 14.
R	3140 Stern, Jul., Privat., G.-Speyerstr. 3.
M	195 Stern, Julius, Priv., Schwarzburgstr. 90.
N	893 Stern, Julius H., Kfm., Bockenh. Ldstr.
Sp	2036 Stern, K., Schuhwr., Gutleutstr. 94.
H	909 L. & A. Stern, Kommiss., Untermainau 87.
H	(3990) Stern, Leo, Versich., Karlstr. 19.
H	6698 Stern, Leopold, Ware, Han.-Ldstr. 32.
R	5469 Stern, Liebmann, Kfm., Schützenstr. 2.
R	6490 Stern, Lina, Kol.-W., Mittelweg 11.
R	4451 Stern, Louis, Juwelier, Herderstr. 25.
M	3757 Stern, Ludwig, Bürobed., Gr. Kornm. 18.
M	5213 Stern, Ludwig, Kaufmann, Arndtstr. 9.
M	4837 Stern, M., Kfm., Eschenh. Anl. 31.
H	2383 M. Stern jr., Molkerei, Bäckerw. 46.
H	1886 M. Stern Söhne, Kfm., Moz. Ldstr. 99.
H	6849 R 5759 M. Stern & Cie., Tuche, Kaiserstr.
M	(4264) Stern, Marcus, Kfm., Königst.-Str. 5.
H	4567 Stern, Martin, Kfm., Bergerstr. 78.
M	6991 Stern, Martin M., Kfm., Feldbergstr. 5.
H	3261 Stern, Max, Agent, Oberw. 18.
H	8840 Stern, Max, Kursmakler, Han.-Ldstr. 1.
R	7259 Stern, Max, Frau, Fürstenb.-Str. 171.
R	3965 Stern, Max, Kfm., Mainzerstr. 51.
H	1045 Stern, Max Nf., Textilwr., Wiesenh.-Pl. 37.
H	3283 Max Stern Nf., Textilwr., Hanauer Ldstr.
H	4390 Stern, Moritz, Metzger, Taunusstr. 38.
M	4398 Stern, N., Ingen., Staufenstr. 10.
Sp	1715 Stern, Nathan, Kfm., Schwanenstr. 7.
Sp	634 Stern, Otto-Norb., Kfm., Holbeinstr. 14.
